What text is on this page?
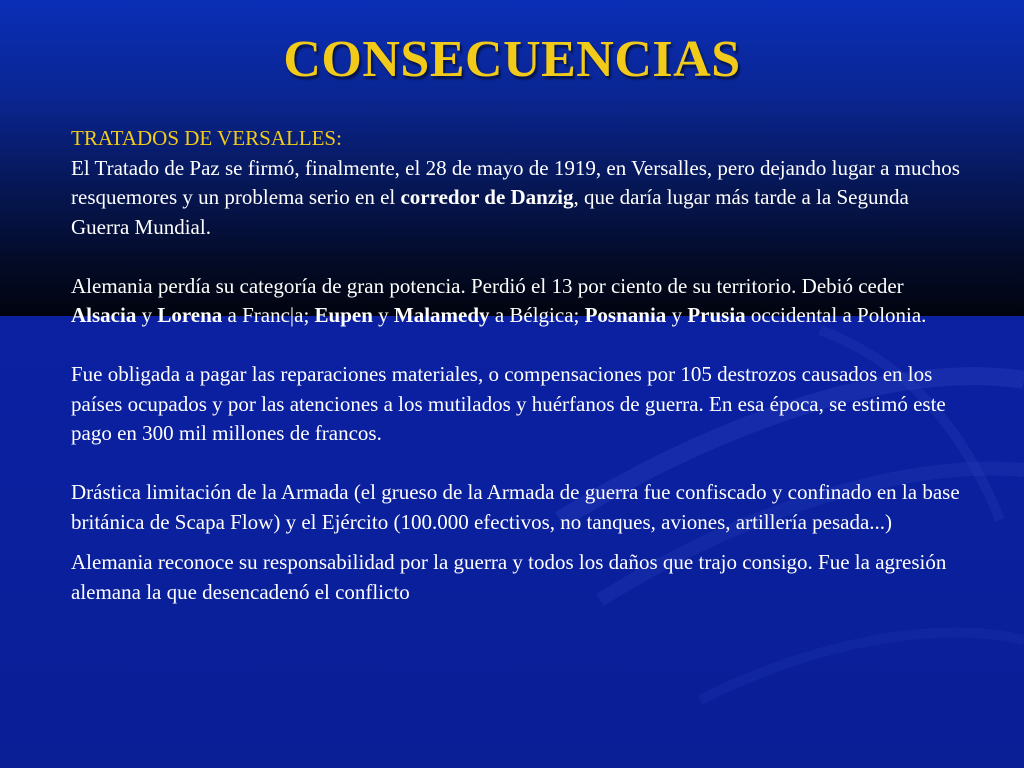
CONSECUENCIAS

TRATADOS DE VERSALLES:

El Tratado de Paz se firmó, finalmente, el 28 de mayo de 1919, en Versalles, pero dejando lugar a muchos resquemores y un problema serio en el corredor de Danzig, que daría lugar más tarde a la Segunda Guerra Mundial.

Alemania perdía su categoría de gran potencia. Perdió el 13 por ciento de su territorio. Debió ceder Alsacia y Lorena a Franc|a; Eupen y Malamedy a Bélgica; Posnania y Prusia occidental a Polonia.

Fue obligada a pagar las reparaciones materiales, o compensaciones por 105 destrozos causados en los países ocupados y por las atenciones a los mutilados y huérfanos de guerra. En esa época, se estimó este pago en 300 mil millones de francos.

Drástica limitación de la Armada (el grueso de la Armada de guerra fue confiscado y confinado en la base británica de Scapa Flow) y el Ejército (100.000 efectivos, no tanques, aviones, artillería pesada...)

Alemania reconoce su responsabilidad por la guerra y todos los daños que trajo consigo. Fue la agresión alemana la que desencadenó el conflicto
